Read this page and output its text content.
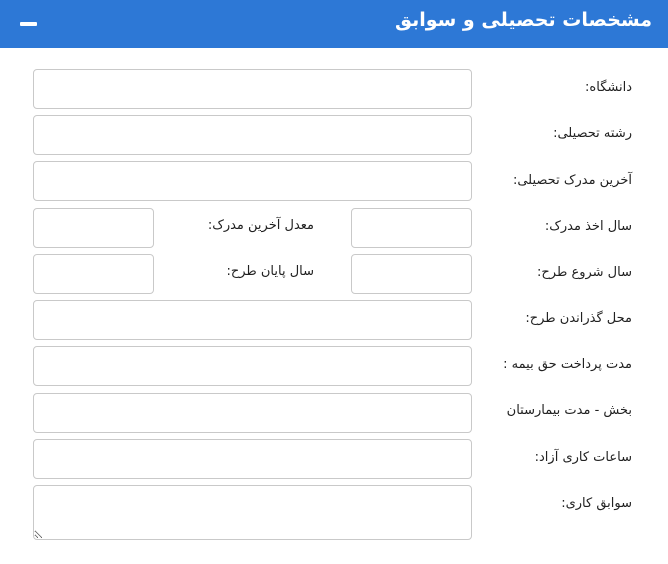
مشخصات تحصیلی و سوابق
دانشگاه:
رشته تحصیلی:
آخرین مدرک تحصیلی:
سال اخذ مدرک:
معدل آخرین مدرک:
سال شروع طرح:
سال پایان طرح:
محل گذراندن طرح:
مدت پرداخت حق بیمه :
بخش - مدت بیمارستان
ساعات کاری آزاد:
سوابق کاری:
